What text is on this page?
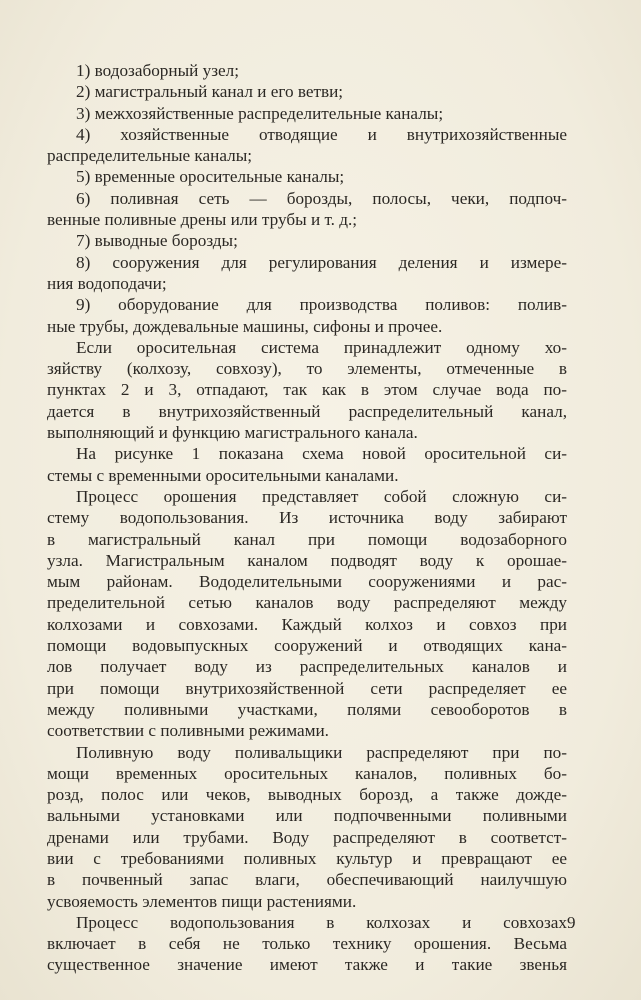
1) водозаборный узел;
2) магистральный канал и его ветви;
3) межхозяйственные распределительные каналы;
4) хозяйственные отводящие и внутрихозяйственные
распределительные каналы;
5) временные оросительные каналы;
6) поливная сеть — борозды, полосы, чеки, подпоч-
венные поливные дрены или трубы и т. д.;
7) выводные борозды;
8) сооружения для регулирования деления и измере-
ния водоподачи;
9) оборудование для производства поливов: полив-
ные трубы, дождевальные машины, сифоны и прочее.
Если оросительная система принадлежит одному хо-
зяйству (колхозу, совхозу), то элементы, отмеченные в
пунктах 2 и 3, отпадают, так как в этом случае вода по-
дается в внутрихозяйственный распределительный канал,
выполняющий и функцию магистрального канала.
На рисунке 1 показана схема новой оросительной си-
стемы с временными оросительными каналами.
Процесс орошения представляет собой сложную си-
стему водопользования. Из источника воду забирают
в магистральный канал при помощи водозаборного
узла. Магистральным каналом подводят воду к орошае-
мым районам. Вододелительными сооружениями и рас-
пределительной сетью каналов воду распределяют между
колхозами и совхозами. Каждый колхоз и совхоз при
помощи водовыпускных сооружений и отводящих кана-
лов получает воду из распределительных каналов и
при помощи внутрихозяйственной сети распределяет ее
между поливными участками, полями севооборотов в
соответствии с поливными режимами.
Поливную воду поливальщики распределяют при по-
мощи временных оросительных каналов, поливных бо-
розд, полос или чеков, выводных борозд, а также дожде-
вальными установками или подпочвенными поливными
дренами или трубами. Воду распределяют в соответст-
вии с требованиями поливных культур и превращают ее
в почвенный запас влаги, обеспечивающий наилучшую
усвояемость элементов пищи растениями.
Процесс водопользования в колхозах и совхозах
включает в себя не только технику орошения. Весьма
существенное значение имеют также и такие звенья
9
